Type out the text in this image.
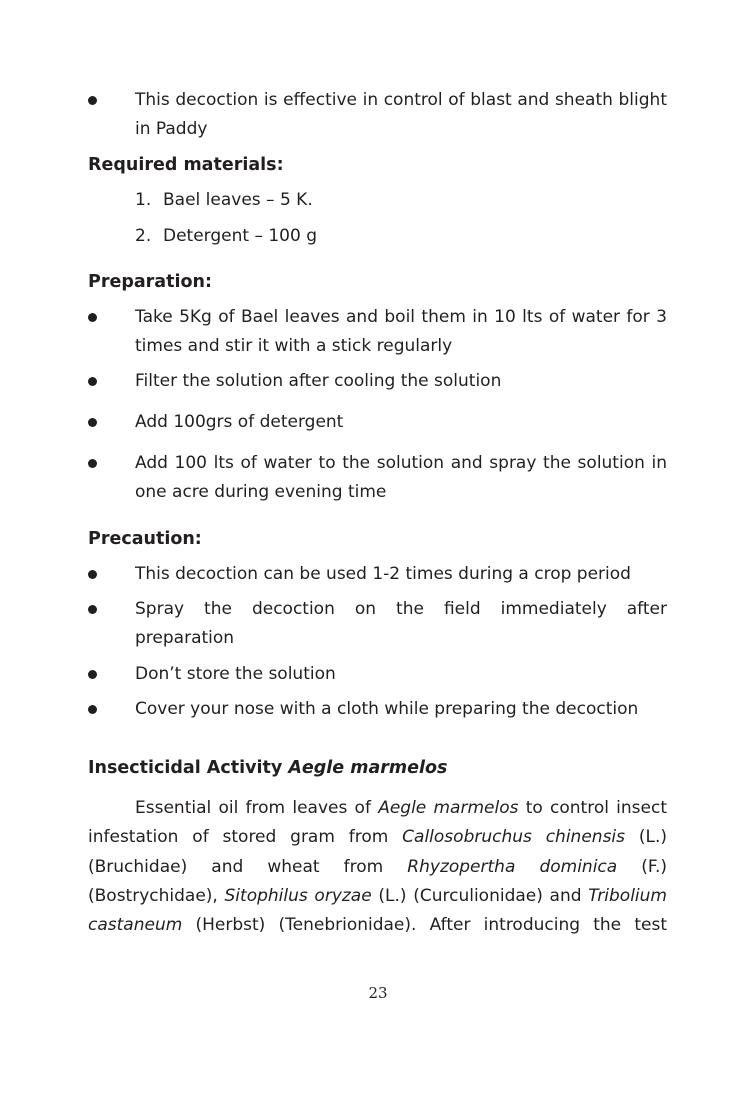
This decoction is effective in control of blast and sheath blight
in Paddy
Required materials:
1. Bael leaves – 5 K.
2. Detergent – 100 g
Preparation:
Take 5Kg of Bael leaves and boil them in 10 lts of water for 3
times and stir it with a stick regularly
Filter the solution after cooling the solution
Add 100grs of detergent
Add 100 lts of water to the solution and spray the solution in
one acre during evening time
Precaution:
This decoction can be used 1-2 times during a crop period
Spray the decoction on the field immediately after
preparation
Don’t store the solution
Cover your nose with a cloth while preparing the decoction
Insecticidal Activity Aegle marmelos
Essential oil from leaves of Aegle marmelos to control insect
infestation of stored gram from Callosobruchus chinensis (L.)
(Bruchidae) and wheat from Rhyzopertha dominica (F.)
(Bostrychidae), Sitophilus oryzae (L.) (Curculionidae) and Tribolium
castaneum (Herbst) (Tenebrionidae). After introducing the test
23
